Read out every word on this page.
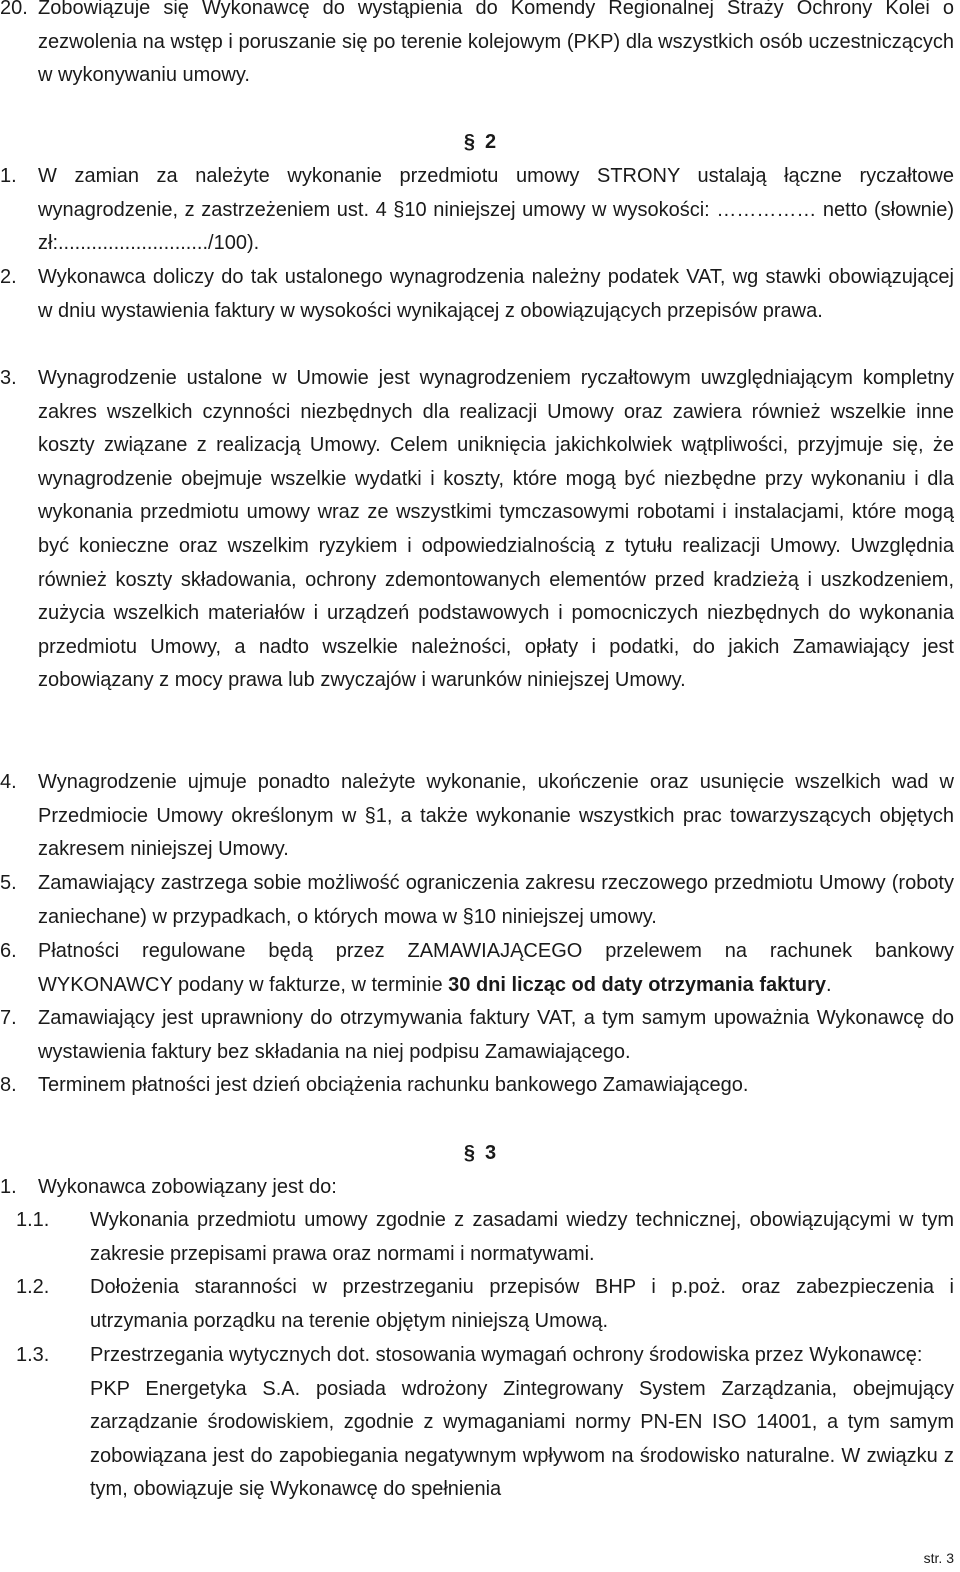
20. Zobowiązuje się Wykonawcę do wystąpienia do Komendy Regionalnej Straży Ochrony Kolei o zezwolenia na wstęp i poruszanie się po terenie kolejowym (PKP) dla wszystkich osób uczestniczących w wykonywaniu umowy.
§ 2
1. W zamian za należyte wykonanie przedmiotu umowy STRONY ustalają łączne ryczałtowe wynagrodzenie, z zastrzeżeniem ust. 4 §10 niniejszej umowy w wysokości: …………… netto (słownie) zł:.........................../100).
2. Wykonawca doliczy do tak ustalonego wynagrodzenia należny podatek VAT, wg stawki obowiązującej w dniu wystawienia faktury w wysokości wynikającej z obowiązujących przepisów prawa.
3. Wynagrodzenie ustalone w Umowie jest wynagrodzeniem ryczałtowym uwzględniającym kompletny zakres wszelkich czynności niezbędnych dla realizacji Umowy oraz zawiera również wszelkie inne koszty związane z realizacją Umowy. Celem uniknięcia jakichkolwiek wątpliwości, przyjmuje się, że wynagrodzenie obejmuje wszelkie wydatki i koszty, które mogą być niezbędne przy wykonaniu i dla wykonania przedmiotu umowy wraz ze wszystkimi tymczasowymi robotami i instalacjami, które mogą być konieczne oraz wszelkim ryzykiem i odpowiedzialnością z tytułu realizacji Umowy. Uwzględnia również koszty składowania, ochrony zdemontowanych elementów przed kradzieżą i uszkodzeniem, zużycia wszelkich materiałów i urządzeń podstawowych i pomocniczych niezbędnych do wykonania przedmiotu Umowy, a nadto wszelkie należności, opłaty i podatki, do jakich Zamawiający jest zobowiązany z mocy prawa lub zwyczajów i warunków niniejszej Umowy.
4. Wynagrodzenie ujmuje ponadto należyte wykonanie, ukończenie oraz usunięcie wszelkich wad w Przedmiocie Umowy określonym w §1, a także wykonanie wszystkich prac towarzyszących objętych zakresem niniejszej Umowy.
5. Zamawiający zastrzega sobie możliwość ograniczenia zakresu rzeczowego przedmiotu Umowy (roboty zaniechane) w przypadkach, o których mowa w §10 niniejszej umowy.
6. Płatności regulowane będą przez ZAMAWIAJĄCEGO przelewem na rachunek bankowy WYKONAWCY podany w fakturze, w terminie 30 dni licząc od daty otrzymania faktury.
7. Zamawiający jest uprawniony do otrzymywania faktury VAT, a tym samym upoważnia Wykonawcę do wystawienia faktury bez składania na niej podpisu Zamawiającego.
8. Terminem płatności jest dzień obciążenia rachunku bankowego Zamawiającego.
§ 3
1. Wykonawca zobowiązany jest do:
1.1. Wykonania przedmiotu umowy zgodnie z zasadami wiedzy technicznej, obowiązującymi w tym zakresie przepisami prawa oraz normami i normatywami.
1.2. Dołożenia staranności w przestrzeganiu przepisów BHP i p.poż. oraz zabezpieczenia i utrzymania porządku na terenie objętym niniejszą Umową.
1.3. Przestrzegania wytycznych dot. stosowania wymagań ochrony środowiska przez Wykonawcę:
PKP Energetyka S.A. posiada wdrożony Zintegrowany System Zarządzania, obejmujący zarządzanie środowiskiem, zgodnie z wymaganiami normy PN-EN ISO 14001, a tym samym zobowiązana jest do zapobiegania negatywnym wpływom na środowisko naturalne. W związku z tym, obowiązuje się Wykonawcę do spełnienia
str. 3
